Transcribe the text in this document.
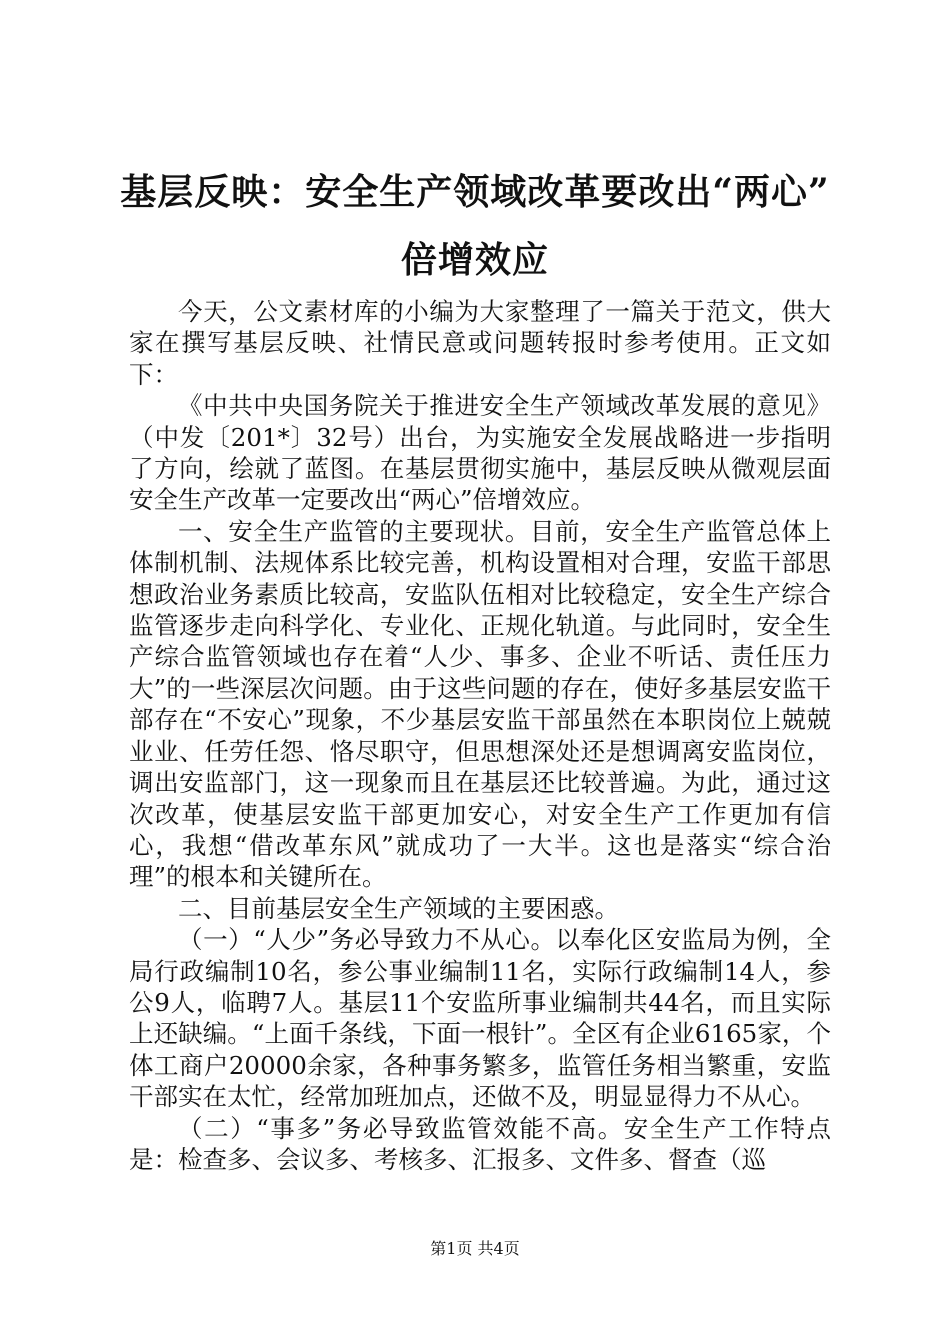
基层反映：安全生产领域改革要改出“两心”
倍增效应

今天，公文素材库的小编为大家整理了一篇关于范文，供大家在撰写基层反映、社情民意或问题转报时参考使用。正文如下：

《中共中央国务院关于推进安全生产领域改革发展的意见》（中发〔201*〕32号）出台，为实施安全发展战略进一步指明了方向，绘就了蓝图。在基层贯彻实施中，基层反映从微观层面安全生产改革一定要改出“两心”倍增效应。

一、安全生产监管的主要现状。目前，安全生产监管总体上体制机制、法规体系比较完善，机构设置相对合理，安监干部思想政治业务素质比较高，安监队伍相对比较稳定，安全生产综合监管逐步走向科学化、专业化、正规化轨道。与此同时，安全生产综合监管领域也存在着“人少、事多、企业不听话、责任压力大”的一些深层次问题。由于这些问题的存在，使好多基层安监干部存在“不安心”现象，不少基层安监干部虽然在本职岗位上兢兢业业、任劳任怨、恪尽职守，但思想深处还是想调离安监岗位，调出安监部门，这一现象而且在基层还比较普遍。为此，通过这次改革，使基层安监干部更加安心，对安全生产工作更加有信心，我想“借改革东风”就成功了一大半。这也是落实“综合治理”的根本和关键所在。

二、目前基层安全生产领域的主要困惑。

（一）“人少”务必导致力不从心。以奉化区安监局为例，全局行政编制10名，参公事业编制11名，实际行政编制14人，参公9人，临聘7人。基层11个安监所事业编制共44名，而且实际上还缺编。“上面千条线，下面一根针”。全区有企业6165家，个体工商户20000余家，各种事务繁多，监管任务相当繁重，安监干部实在太忙，经常加班加点，还做不及，明显显得力不从心。

（二）“事多”务必导致监管效能不高。安全生产工作特点是：检查多、会议多、考核多、汇报多、文件多、督查（巡

第1页 共4页
